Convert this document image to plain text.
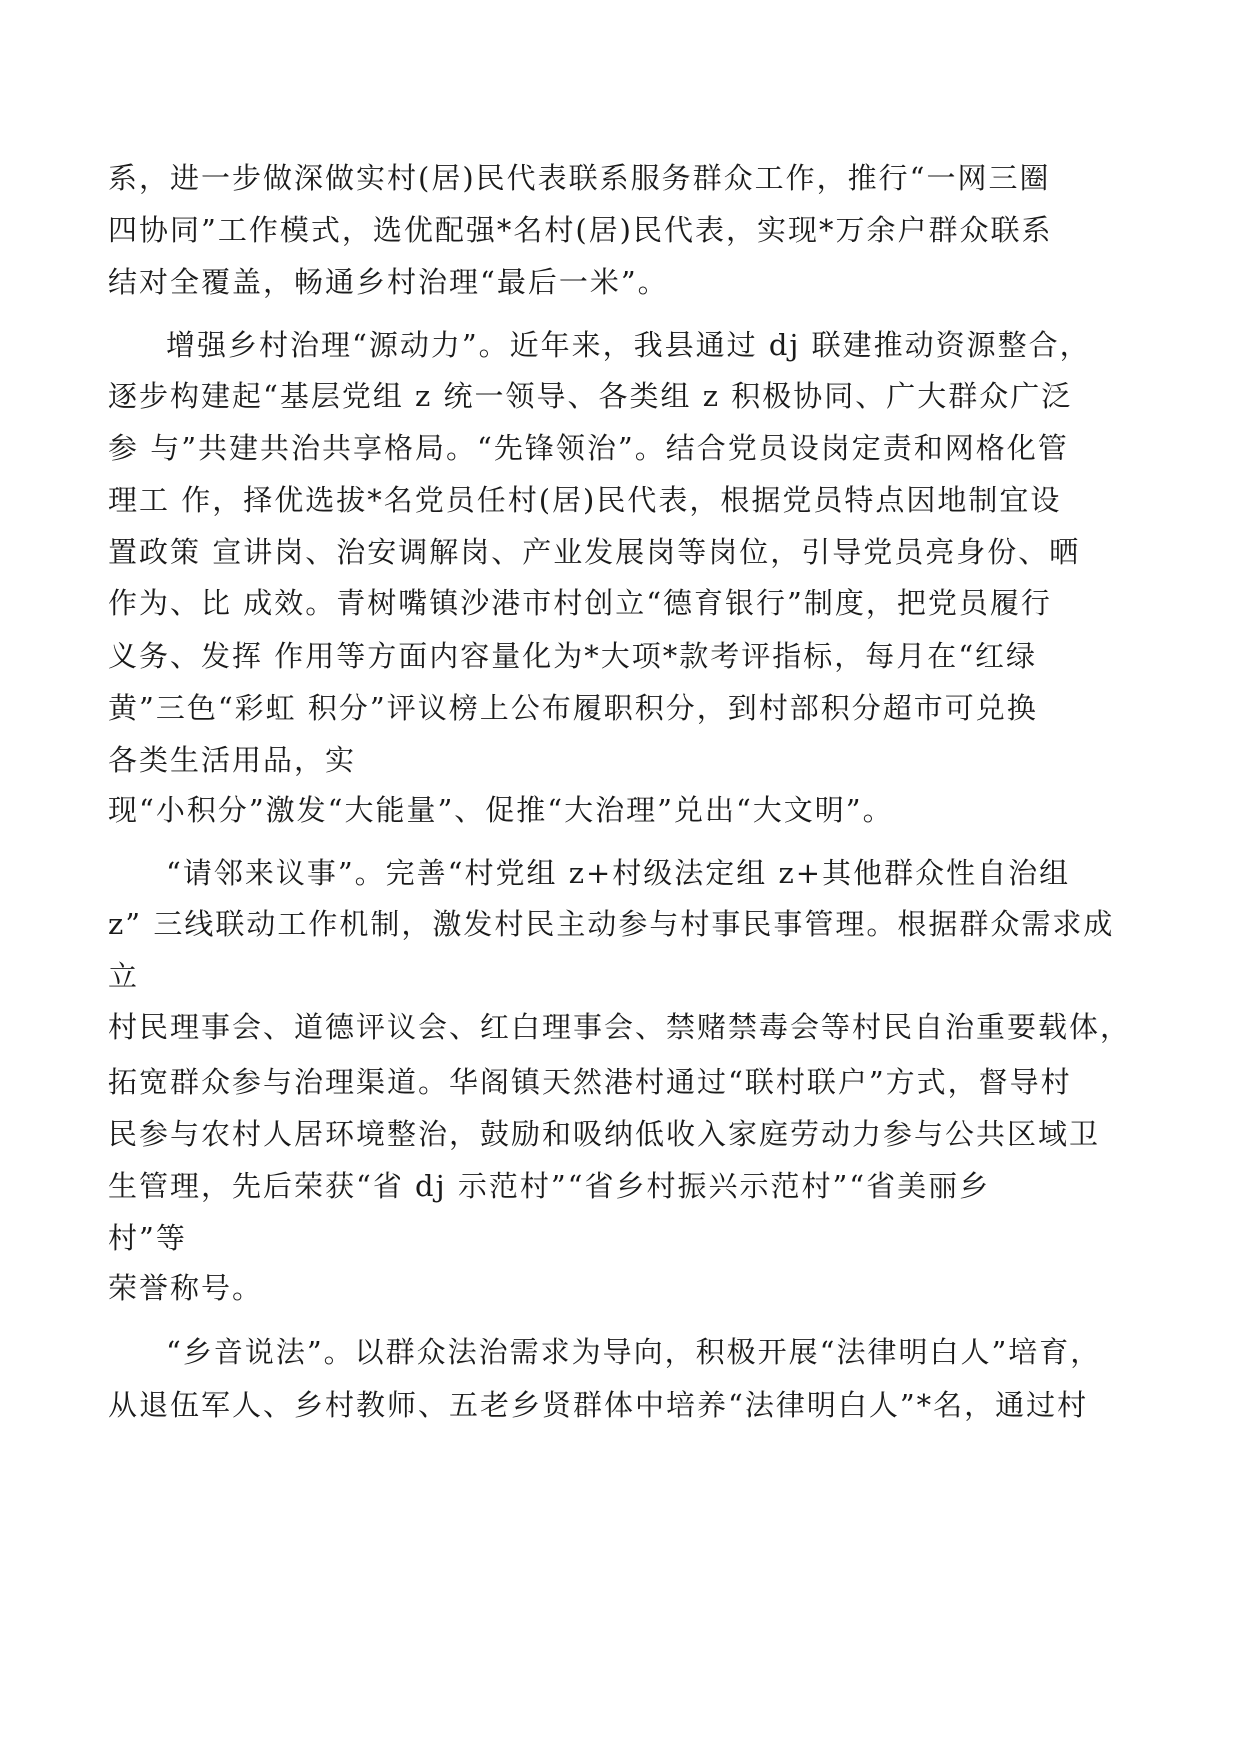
系，进一步做深做实村(居)民代表联系服务群众工作，推行“一网三圈
四协同”工作模式，选优配强*名村(居)民代表，实现*万余户群众联系
结对全覆盖，畅通乡村治理“最后一米”。
增强乡村治理“源动力”。近年来，我县通过 dj 联建推动资源整合，
逐步构建起“基层党组 z 统一领导、各类组 z 积极协同、广大群众广泛
参 与”共建共治共享格局。“先锋领治”。结合党员设岗定责和网格化管
理工 作，择优选拔*名党员任村(居)民代表，根据党员特点因地制宜设
置政策 宣讲岗、治安调解岗、产业发展岗等岗位，引导党员亮身份、晒
作为、比 成效。青树嘴镇沙港市村创立“德育银行”制度，把党员履行
义务、发挥 作用等方面内容量化为*大项*款考评指标，每月在“红绿
黄”三色“彩虹 积分”评议榜上公布履职积分，到村部积分超市可兑换
各类生活用品，实
现“小积分”激发“大能量”、促推“大治理”兑出“大文明”。
“请邻来议事”。完善“村党组 z+村级法定组 z+其他群众性自治组
z” 三线联动工作机制，激发村民主动参与村事民事管理。根据群众需求成
立
村民理事会、道德评议会、红白理事会、禁赌禁毒会等村民自治重要载体，
拓宽群众参与治理渠道。华阁镇天然港村通过“联村联户”方式，督导村
民参与农村人居环境整治，鼓励和吸纳低收入家庭劳动力参与公共区域卫
生管理，先后荣获“省 dj 示范村”“省乡村振兴示范村”“省美丽乡
村”等
荣誉称号。
“乡音说法”。以群众法治需求为导向，积极开展“法律明白人”培育，
从退伍军人、乡村教师、五老乡贤群体中培养“法律明白人”*名，通过村
